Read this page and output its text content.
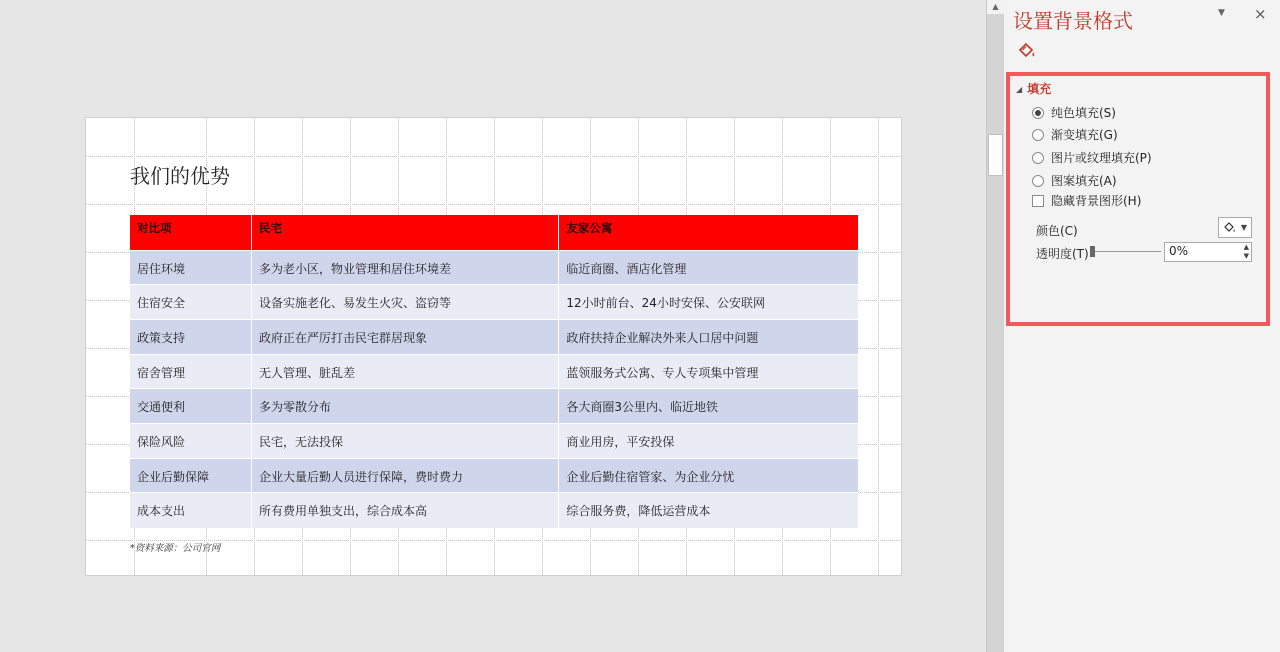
我们的优势
对比项	民宅	友家公寓
居住环境	多为老小区，物业管理和居住环境差	临近商圈、酒店化管理
住宿安全	设备实施老化、易发生火灾、盗窃等	12小时前台、24小时安保、公安联网
政策支持	政府正在严厉打击民宅群居现象	政府扶持企业解决外来人口居中问题
宿舍管理	无人管理、脏乱差	蓝领服务式公寓、专人专项集中管理
交通便利	多为零散分布	各大商圈3公里内、临近地铁
保险风险	民宅，无法投保	商业用房，平安投保
企业后勤保障	企业大量后勤人员进行保障，费时费力	企业后勤住宿管家、为企业分忧
成本支出	所有费用单独支出，综合成本高	综合服务费，降低运营成本
*资料来源：公司官网
▲
设置背景格式	▼ ×
◢ 填充
纯色填充(S)
渐变填充(G)
图片或纹理填充(P)
图案填充(A)
隐藏背景图形(H)
颜色(C)	▼
透明度(T)	0%	▲
▼
